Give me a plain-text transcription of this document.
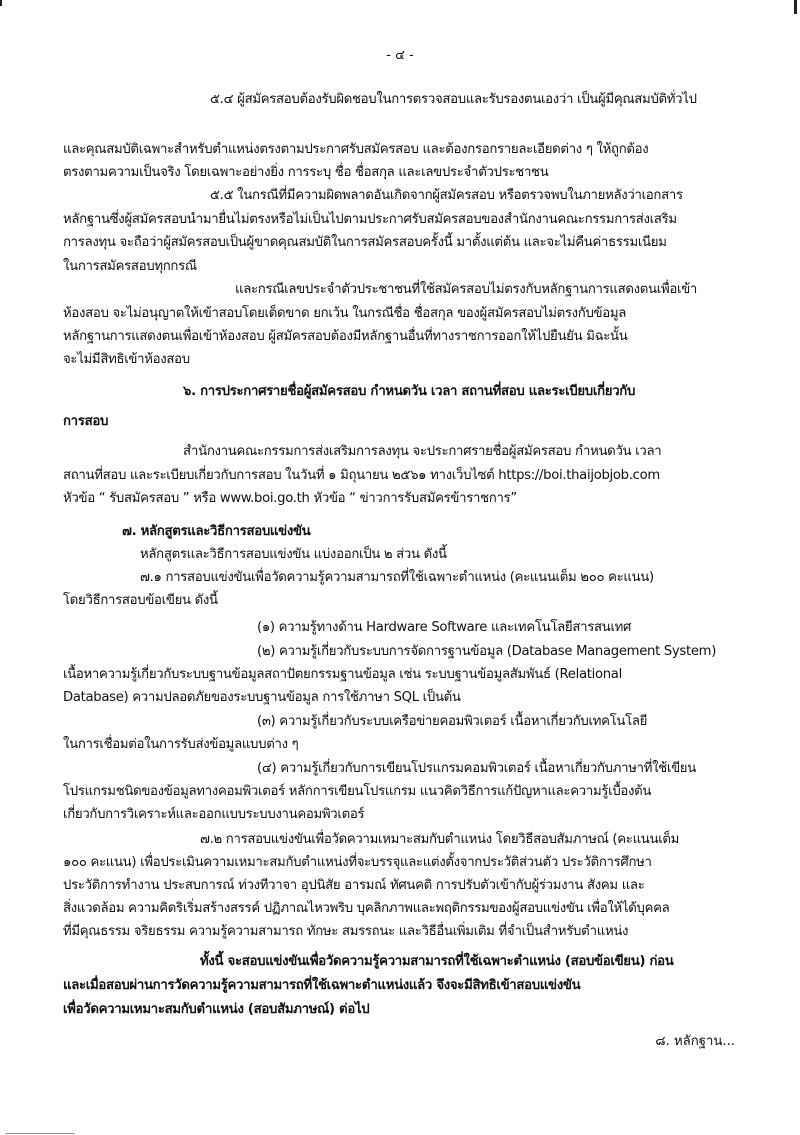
- ๔ -
๕.๔ ผู้สมัครสอบต้องรับผิดชอบในการตรวจสอบและรับรองตนเองว่า เป็นผู้มีคุณสมบัติทั่วไป
และคุณสมบัติเฉพาะสำหรับตำแหน่งตรงตามประกาศรับสมัครสอบ และต้องกรอกรายละเอียดต่าง ๆ ให้ถูกต้อง
ตรงตามความเป็นจริง โดยเฉพาะอย่างยิ่ง การระบุ ชื่อ ชื่อสกุล และเลขประจำตัวประชาชน
๕.๕ ในกรณีที่มีความผิดพลาดอันเกิดจากผู้สมัครสอบ หรือตรวจพบในภายหลังว่าเอกสาร
หลักฐานซึ่งผู้สมัครสอบนำมายื่นไม่ตรงหรือไม่เป็นไปตามประกาศรับสมัครสอบของสำนักงานคณะกรรมการส่งเสริม
การลงทุน จะถือว่าผู้สมัครสอบเป็นผู้ขาดคุณสมบัติในการสมัครสอบครั้งนี้ มาตั้งแต่ต้น และจะไม่คืนค่าธรรมเนียม
ในการสมัครสอบทุกกรณี
และกรณีเลขประจำตัวประชาชนที่ใช้สมัครสอบไม่ตรงกับหลักฐานการแสดงตนเพื่อเข้า
ห้องสอบ จะไม่อนุญาตให้เข้าสอบโดยเด็ดขาด ยกเว้น ในกรณีชื่อ ชื่อสกุล ของผู้สมัครสอบไม่ตรงกับข้อมูล
หลักฐานการแสดงตนเพื่อเข้าห้องสอบ ผู้สมัครสอบต้องมีหลักฐานอื่นที่ทางราชการออกให้ไปยืนยัน มิฉะนั้น
จะไม่มีสิทธิเข้าห้องสอบ
๖. การประกาศรายชื่อผู้สมัครสอบ กำหนดวัน เวลา สถานที่สอบ และระเบียบเกี่ยวกับ
การสอบ
สำนักงานคณะกรรมการส่งเสริมการลงทุน จะประกาศรายชื่อผู้สมัครสอบ กำหนดวัน เวลา
สถานที่สอบ และระเบียบเกี่ยวกับการสอบ ในวันที่ ๑ มิถุนายน ๒๕๖๑ ทางเว็บไซต์ https://boi.thaijobjob.com
หัวข้อ “ รับสมัครสอบ ” หรือ www.boi.go.th หัวข้อ “ ข่าวการรับสมัครข้าราชการ”
๗. หลักสูตรและวิธีการสอบแข่งขัน
หลักสูตรและวิธีการสอบแข่งขัน แบ่งออกเป็น ๒ ส่วน ดังนี้
๗.๑ การสอบแข่งขันเพื่อวัดความรู้ความสามารถที่ใช้เฉพาะตำแหน่ง (คะแนนเต็ม ๒๐๐ คะแนน)
โดยวิธีการสอบข้อเขียน ดังนี้
(๑) ความรู้ทางด้าน Hardware Software และเทคโนโลยีสารสนเทศ
(๒) ความรู้เกี่ยวกับระบบการจัดการฐานข้อมูล (Database Management System)
เนื้อหาความรู้เกี่ยวกับระบบฐานข้อมูลสถาปัตยกรรมฐานข้อมูล เช่น ระบบฐานข้อมูลสัมพันธ์ (Relational
Database) ความปลอดภัยของระบบฐานข้อมูล การใช้ภาษา SQL เป็นต้น
(๓) ความรู้เกี่ยวกับระบบเครือข่ายคอมพิวเตอร์ เนื้อหาเกี่ยวกับเทคโนโลยี
ในการเชื่อมต่อในการรับส่งข้อมูลแบบต่าง ๆ
(๔) ความรู้เกี่ยวกับการเขียนโปรแกรมคอมพิวเตอร์ เนื้อหาเกี่ยวกับภาษาที่ใช้เขียน
โปรแกรมชนิดของข้อมูลทางคอมพิวเตอร์ หลักการเขียนโปรแกรม แนวคิดวิธีการแก้ปัญหาและความรู้เบื้องต้น
เกี่ยวกับการวิเคราะห์และออกแบบระบบงานคอมพิวเตอร์
๗.๒ การสอบแข่งขันเพื่อวัดความเหมาะสมกับตำแหน่ง โดยวิธีสอบสัมภาษณ์ (คะแนนเต็ม
๑๐๐ คะแนน) เพื่อประเมินความเหมาะสมกับตำแหน่งที่จะบรรจุและแต่งตั้งจากประวัติส่วนตัว ประวัติการศึกษา
ประวัติการทำงาน ประสบการณ์ ท่วงทีวาจา อุปนิสัย อารมณ์ ทัศนคติ การปรับตัวเข้ากับผู้ร่วมงาน สังคม และ
สิ่งแวดล้อม ความคิดริเริ่มสร้างสรรค์ ปฏิภาณไหวพริบ บุคลิกภาพและพฤติกรรมของผู้สอบแข่งขัน เพื่อให้ได้บุคคล
ที่มีคุณธรรม จริยธรรม ความรู้ความสามารถ ทักษะ สมรรถนะ และวิธีอื่นเพิ่มเติม ที่จำเป็นสำหรับตำแหน่ง
ทั้งนี้ จะสอบแข่งขันเพื่อวัดความรู้ความสามารถที่ใช้เฉพาะตำแหน่ง (สอบข้อเขียน) ก่อน
และเมื่อสอบผ่านการวัดความรู้ความสามารถที่ใช้เฉพาะตำแหน่งแล้ว จึงจะมีสิทธิเข้าสอบแข่งขัน
เพื่อวัดความเหมาะสมกับตำแหน่ง (สอบสัมภาษณ์) ต่อไป
๘. หลักฐาน...
